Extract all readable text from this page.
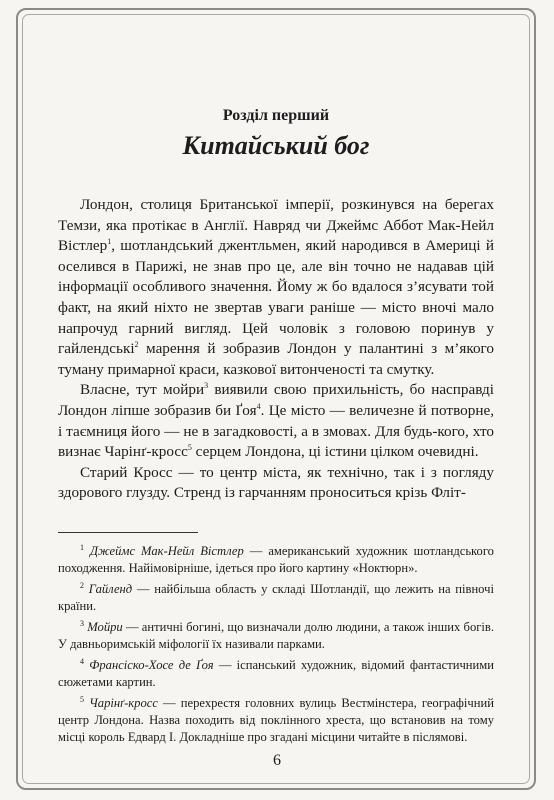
Розділ перший
Китайський бог

Лондон, столиця Британської імперії, розкинувся на берегах Темзи, яка протікає в Англії. Навряд чи Джеймс Аббот Мак-Нейл Вістлер$^1$, шотландський джентльмен, який народився в Америці й оселився в Парижі, не знав про це, але він точно не надавав цій інформації особливого значення. Йому ж бо вдалося з’ясувати той факт, на який ніхто не звертав уваги раніше — місто вночі мало напрочуд гарний вигляд. Цей чоловік з головою поринув у гайлендські$^2$ марення й зобразив Лондон у палантині з м’якого туману примарної краси, казкової витонченості та смутку.

Власне, тут мойри$^3$ виявили свою прихильність, бо насправді Лондон ліпше зобразив би Ґоя$^4$. Це місто — величезне й потворне, і таємниця його — не в загадковості, а в змовах. Для будь-кого, хто визнає Чарінґ-кросс$^5$ серцем Лондона, ці істини цілком очевидні.

Старий Кросс — то центр міста, як технічно, так і з погляду здорового глузду. Стренд із гарчанням проноситься крізь Фліт-

$^1$ Джеймс Мак-Нейл Вістлер — американський художник шотландського походження. Найімовірніше, ідеться про його картину «Ноктюрн».

$^2$ Гайленд — найбільша область у складі Шотландії, що лежить на півночі країни.

$^3$ Мойри — античні богині, що визначали долю людини, а також інших богів. У давньоримській міфології їх називали парками.

$^4$ Франсіско-Хосе де Ґоя — іспанський художник, відомий фантастичними сюжетами картин.

$^5$ Чарінґ-кросс — перехрестя головних вулиць Вестмінстера, географічний центр Лондона. Назва походить від поклінного хреста, що встановив на тому місці король Едвард І. Докладніше про згадані місцини читайте в післямові.

6
